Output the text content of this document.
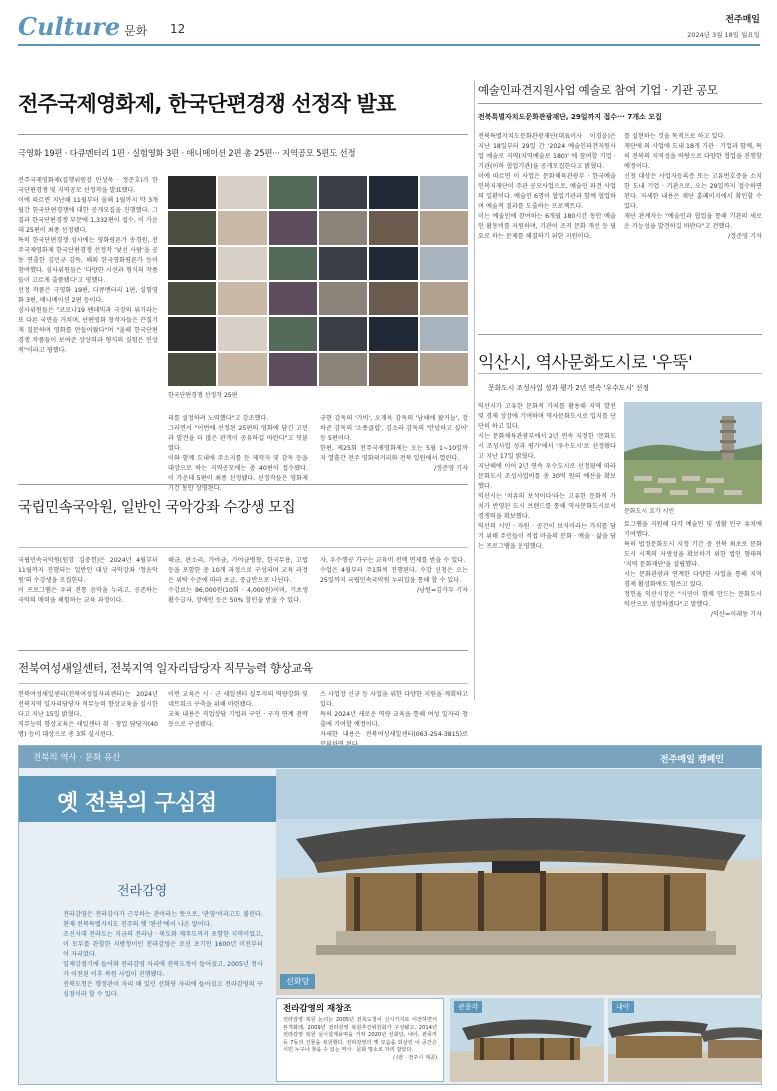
Culture 문화 12
전주매일
2024년 3월 18일 월요일
전주국제영화제, 한국단편경쟁 선정작 발표
극영화 19편 · 다큐멘터리 1편 · 실험영화 3편 · 애니메이션 2편 총 25편··· 지역공모 5편도 선정

전주국제영화제(집행위원장 민성욱 · 정준호)가 한국단편경쟁 및 지역공모 선정작을 발표했다.

이에 따르면 지난해 11월부터 올해 1월까지 약 3개월간 한국단편경쟁에 대한 공개모집을 진행했다. 그 결과 한국단편경쟁 부문에 1,332편이 접수, 이 가운데 25편이 최종 선정됐다.

특히 한국단편경쟁 심사에는 영화평론가 송경원, 전주국제영화제 한국단편경쟁 선정작 '낯선 사람'을 공동 연출한 김민규 감독, 해외 한국영화평론가 등이 참여했다. 심사위원들은 '다양한 시선과 형식의 작품들이 고르게 출품됐다'고 평했다.

선정 작품은 극영화 19편, 다큐멘터리 1편, 실험영화 3편, 애니메이션 2편 등이다.

심사위원들은 "코로나19 팬데믹과 극장의 위기라는 또 다른 국면을 거치며, 단편영화 창작자들은 끈질기게 질문하며 영화를 만들어왔다"며 "올해 한국단편경쟁 작품들이 보여준 상상력과 형식의 실험은 인상적"이라고 평했다.

한국단편경쟁 선정작 25편

리를 설정하려 노력했다"고 강조했다.

그러면서 "이번에 선정된 25편의 영화에 담긴 고민과 발견을 더 많은 관객이 공유하길 바란다"고 덧붙였다.

이와 함께 도내에 주소지를 둔 제작자 및 감독 등을 대상으로 하는 지역공모에는 총 40편이 접수됐다. 이 가운데 5편이 최종 선정됐다. 선정작들은 영화제 기간 동안 상영된다.

규현 감독의 '가비', 오재욱 감독의 '남해에 왔거늘', 장하준 감독의 '소풍클럽', 김소라 감독의 '안녕하고 싶어' 등 5편이다.

한편, 제25회 전주국제영화제는 오는 5월 1~10일까지 열흘간 전주 영화의거리와 전북 일원에서 열린다.

/정준영 기자

예술인파견지원사업 예술로 참여 기업 · 기관 공모
전북특별자치도문화관광재단, 29일까지 접수··· 7개소 모집

전북특별자치도문화관광재단(대표이사 이경윤)은 지난 18일부터 29일 간 '2024 예술인파견지원사업 예술로 지역(지역예술로 180)' 에 참여할 기업 · 기관(이하 협업기관)을 공개모집한다고 밝혔다.

이에 따르면 이 사업은 문화체육관광부 · 한국예술인복지재단이 주관 공모사업으로, 예술인 파견 사업의 일환이다. 예술인 6명이 협업기관과 함께 협업하며 예술적 결과를 도출하는 프로젝트다.

이는 예술인에 참여하는 6개월 180시간 동안 예술인 활동비를 지원하며, 기관이 조직 문화 개선 등 필요로 하는 문제를 해결하기 위한 지원이다.

를 실현하는 것을 목적으로 하고 있다.

재단에 의 사업에 도내 18개 기관 · 기업과 함께, 특히 전북의 지역성을 바탕으로 다양한 협업을 진행할 예정이다.

신청 대상은 사업자등록증 또는 고유번호증을 소지한 도내 기업 · 기관으로, 오는 29일까지 접수하면 된다. 자세한 내용은 재단 홈페이지에서 확인할 수 있다.

재단 관계자는 "예술인과 협업을 통해 기관의 새로운 가능성을 발견하길 바란다"고 전했다.

/정준영 기자

익산시, 역사문화도시로 '우뚝'
문화도시 조성사업 성과 평가 2년 연속 '우수도시' 선정

익산시가 고유한 문화적 가치를 활용해 지역 발전 및 경제 성장에 기여하며 역사문화도시로 입지를 단단히 하고 있다.

시는 문화체육관광부에서 2년 연속 지정한 '문화도시 조성사업 성과 평가'에서 '우수도시'로 선정됐다고 지난 17일 밝혔다.

지난해에 이어 2년 연속 우수도시로 선정됨에 따라 문화도시 조성사업비를 총 30억 원의 예산을 확보했다.

익산시는 '치유의 보석이다'라는 고유한 문화적 가치가 반영된 도시 브랜드를 통해 역사문화도시로서 경쟁력을 확보했다.

익산의 시민 · 자원 · 공간이 보석이라는 가치를 담기 위해 주민들이 직접 마을의 문화 · 예술 · 삶을 담는 프로그램을 운영했다.

문화도시 요가 시민

토그램을 지원해 다각 예술인 및 생활 인구 유치에 기여했다.

특히 법정문화도시 지정 기간 중 전북 최초로 문화도시 시책의 자생성을 확보하기 위한 법인 형태의 '지역 문화재단'을 설립했다.

시는 문화관광과 연계한 다양한 사업을 통해 지역 경제 활성화에도 힘쓰고 있다.

정헌율 익산시장은 "시민이 함께 만드는 문화도시 익산으로 성장하겠다"고 말했다.

/익산=이래동 기자

국립민속국악원, 일반인 국악강좌 수강생 모집

국립민속국악원(원장 김중헌)은 2024년 4월부터 11월까지 진행되는 일반인 대상 국악강좌 '청음악원'의 수강생을 모집한다.

이 프로그램은 우리 전통 음악을 누리고, 공존하는 국악의 매력을 체험하는 교육 과정이다.

해금, 판소리, 가야금, 가야금병창, 한국무용, 고법 등을 포함한 총 10개 과정으로 구성되며 교육 과정은 위탁 수준에 따라 초급, 중급반으로 나뉜다.

수강료는 96,000원(10회 · 4,000원)이며, 기초생활수급자, 장애인 등은 50% 할인을 받을 수 있다.

자, 우수행공 가구는 교육비 전액 면제를 받을 수 있다.

수업은 4월부터 주1회씩 진행된다. 수강 신청은 오는 25일까지 국립민속국악원 누리집을 통해 할 수 있다.

/남원=김가두 기자

전북여성새일센터, 전북지역 일자리담당자 직무능력 향상교육

전북여성새일센터(전북여성일자리센터)는 2024년 전북지역 일자리담당자 직무능력 향상교육을 실시한다고 지난 15일 밝혔다.

직무능력 향상교육은 새일센터 취 · 창업 담당자(40명) 등이 대상으로 총 3회 실시된다.

이번 교육은 시 · 군 새일센터 실무자의 역량강화 및 네트워크 구축을 위해 마련됐다.

교육 내용은 직업상담 기법과 구인 · 구직 연계 전략 등으로 구성됐다.

스 사업장 신규 등 사업을 위한 다양한 지원을 계획하고 있다.

특히 2024년 새로운 역량 교육을 통해 여성 일자리 창출에 기여할 예정이다.

자세한 내용은 전북여성새일센터(063-254-3815)로

전북의 역사 · 문화 유산
옛 전북의 구심점
전라감영

전라감영은 전라감사가 근무하는 관아라는 뜻으로, '관영'이라고도 불린다. 현재 전북특별자치도 전주의 옛 '완산'에서 나온 말이다.

조선시대 전라도는 지금의 전라남 · 북도와 제주도까지 포함한 지역이었고, 이 모두를 관할한 지방청이던 전라감영은 조선 초기인 1600년 이전부터 이 자리였다.

일제강점기에 들어와 전라감영 자리에 전북도청이 들어섰고, 2005년 청사가 이전된 이후 복원 사업이 진행됐다.

전북도청은 행정관이 자리 해 있던 선화당 자리에 들어섰고 전라감영의 구심점이라 할 수 있다.

선화당
전주매일 캠페인
전라감영의 재창조

전라감영 복원 논의는 2005년 전북도청이 신시가지로 이전하면서 본격화돼, 2009년 전라감영 복원추진위원회가 구성됐고, 2014년 전라감영 복원 실시설계용역을 거쳐 2020년 선화당, 내아, 관풍각 등 7동의 건물을 복원했다. 전라감영의 옛 모습을 되살린 이 공간은 시민 누구나 찾을 수 있는 역사 · 문화 명소로 자리 잡았다.

/ (끝 · 전주시 제공)

관풍각	내아
